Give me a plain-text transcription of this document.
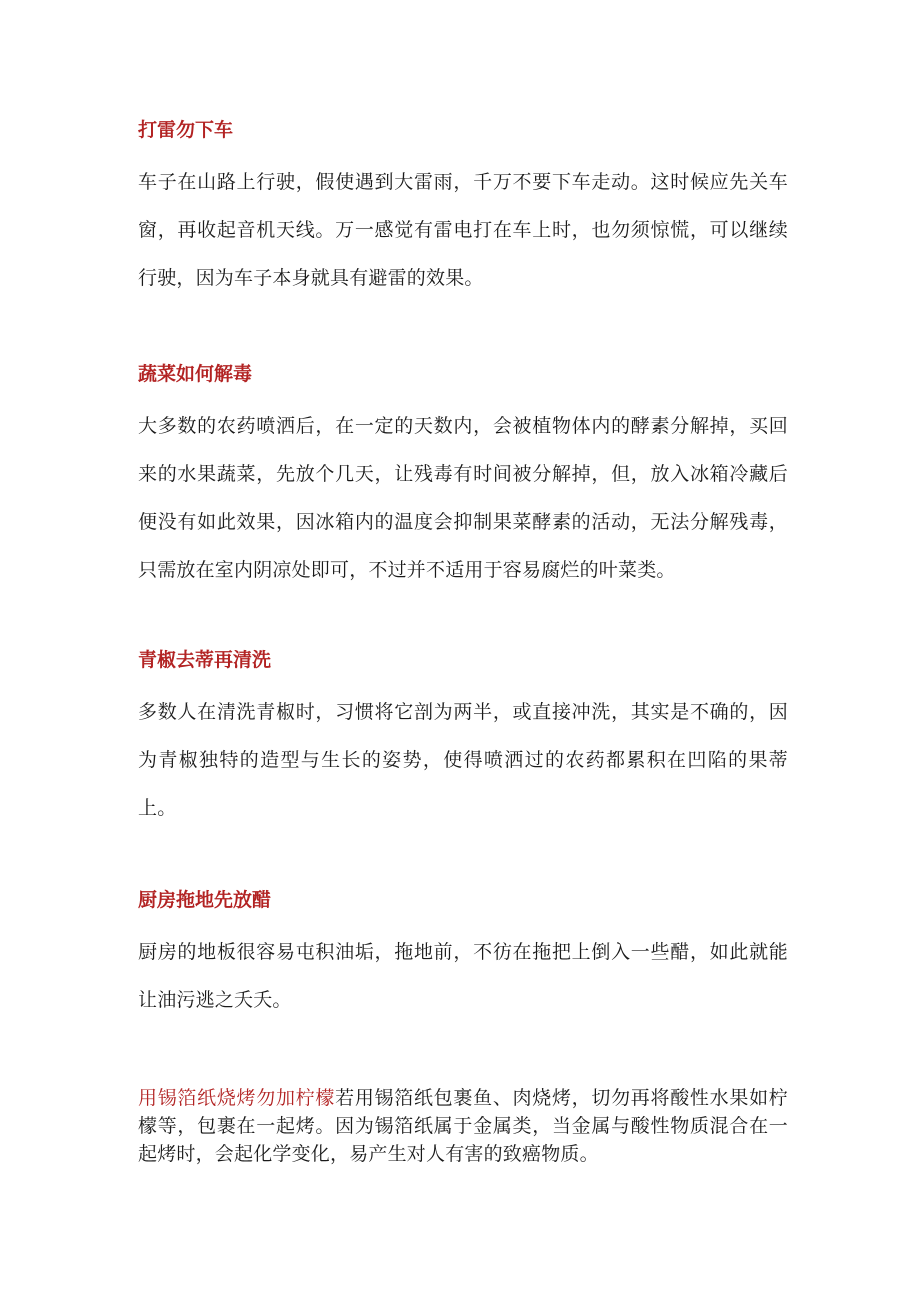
打雷勿下车

车子在山路上行驶，假使遇到大雷雨，千万不要下车走动。这时候应先关车窗，再收起音机天线。万一感觉有雷电打在车上时，也勿须惊慌，可以继续行驶，因为车子本身就具有避雷的效果。

蔬菜如何解毒

大多数的农药喷洒后，在一定的天数内，会被植物体内的酵素分解掉，买回来的水果蔬菜，先放个几天，让残毒有时间被分解掉，但，放入冰箱冷藏后便没有如此效果，因冰箱内的温度会抑制果菜酵素的活动，无法分解残毒，只需放在室内阴凉处即可，不过并不适用于容易腐烂的叶菜类。

青椒去蒂再清洗

多数人在清洗青椒时，习惯将它剖为两半，或直接冲洗，其实是不确的，因为青椒独特的造型与生长的姿势，使得喷洒过的农药都累积在凹陷的果蒂上。

厨房拖地先放醋

厨房的地板很容易屯积油垢，拖地前，不彷在拖把上倒入一些醋，如此就能让油污逃之夭夭。

用锡箔纸烧烤勿加柠檬若用锡箔纸包裹鱼、肉烧烤，切勿再将酸性水果如柠檬等，包裹在一起烤。因为锡箔纸属于金属类，当金属与酸性物质混合在一起烤时，会起化学变化，易产生对人有害的致癌物质。
